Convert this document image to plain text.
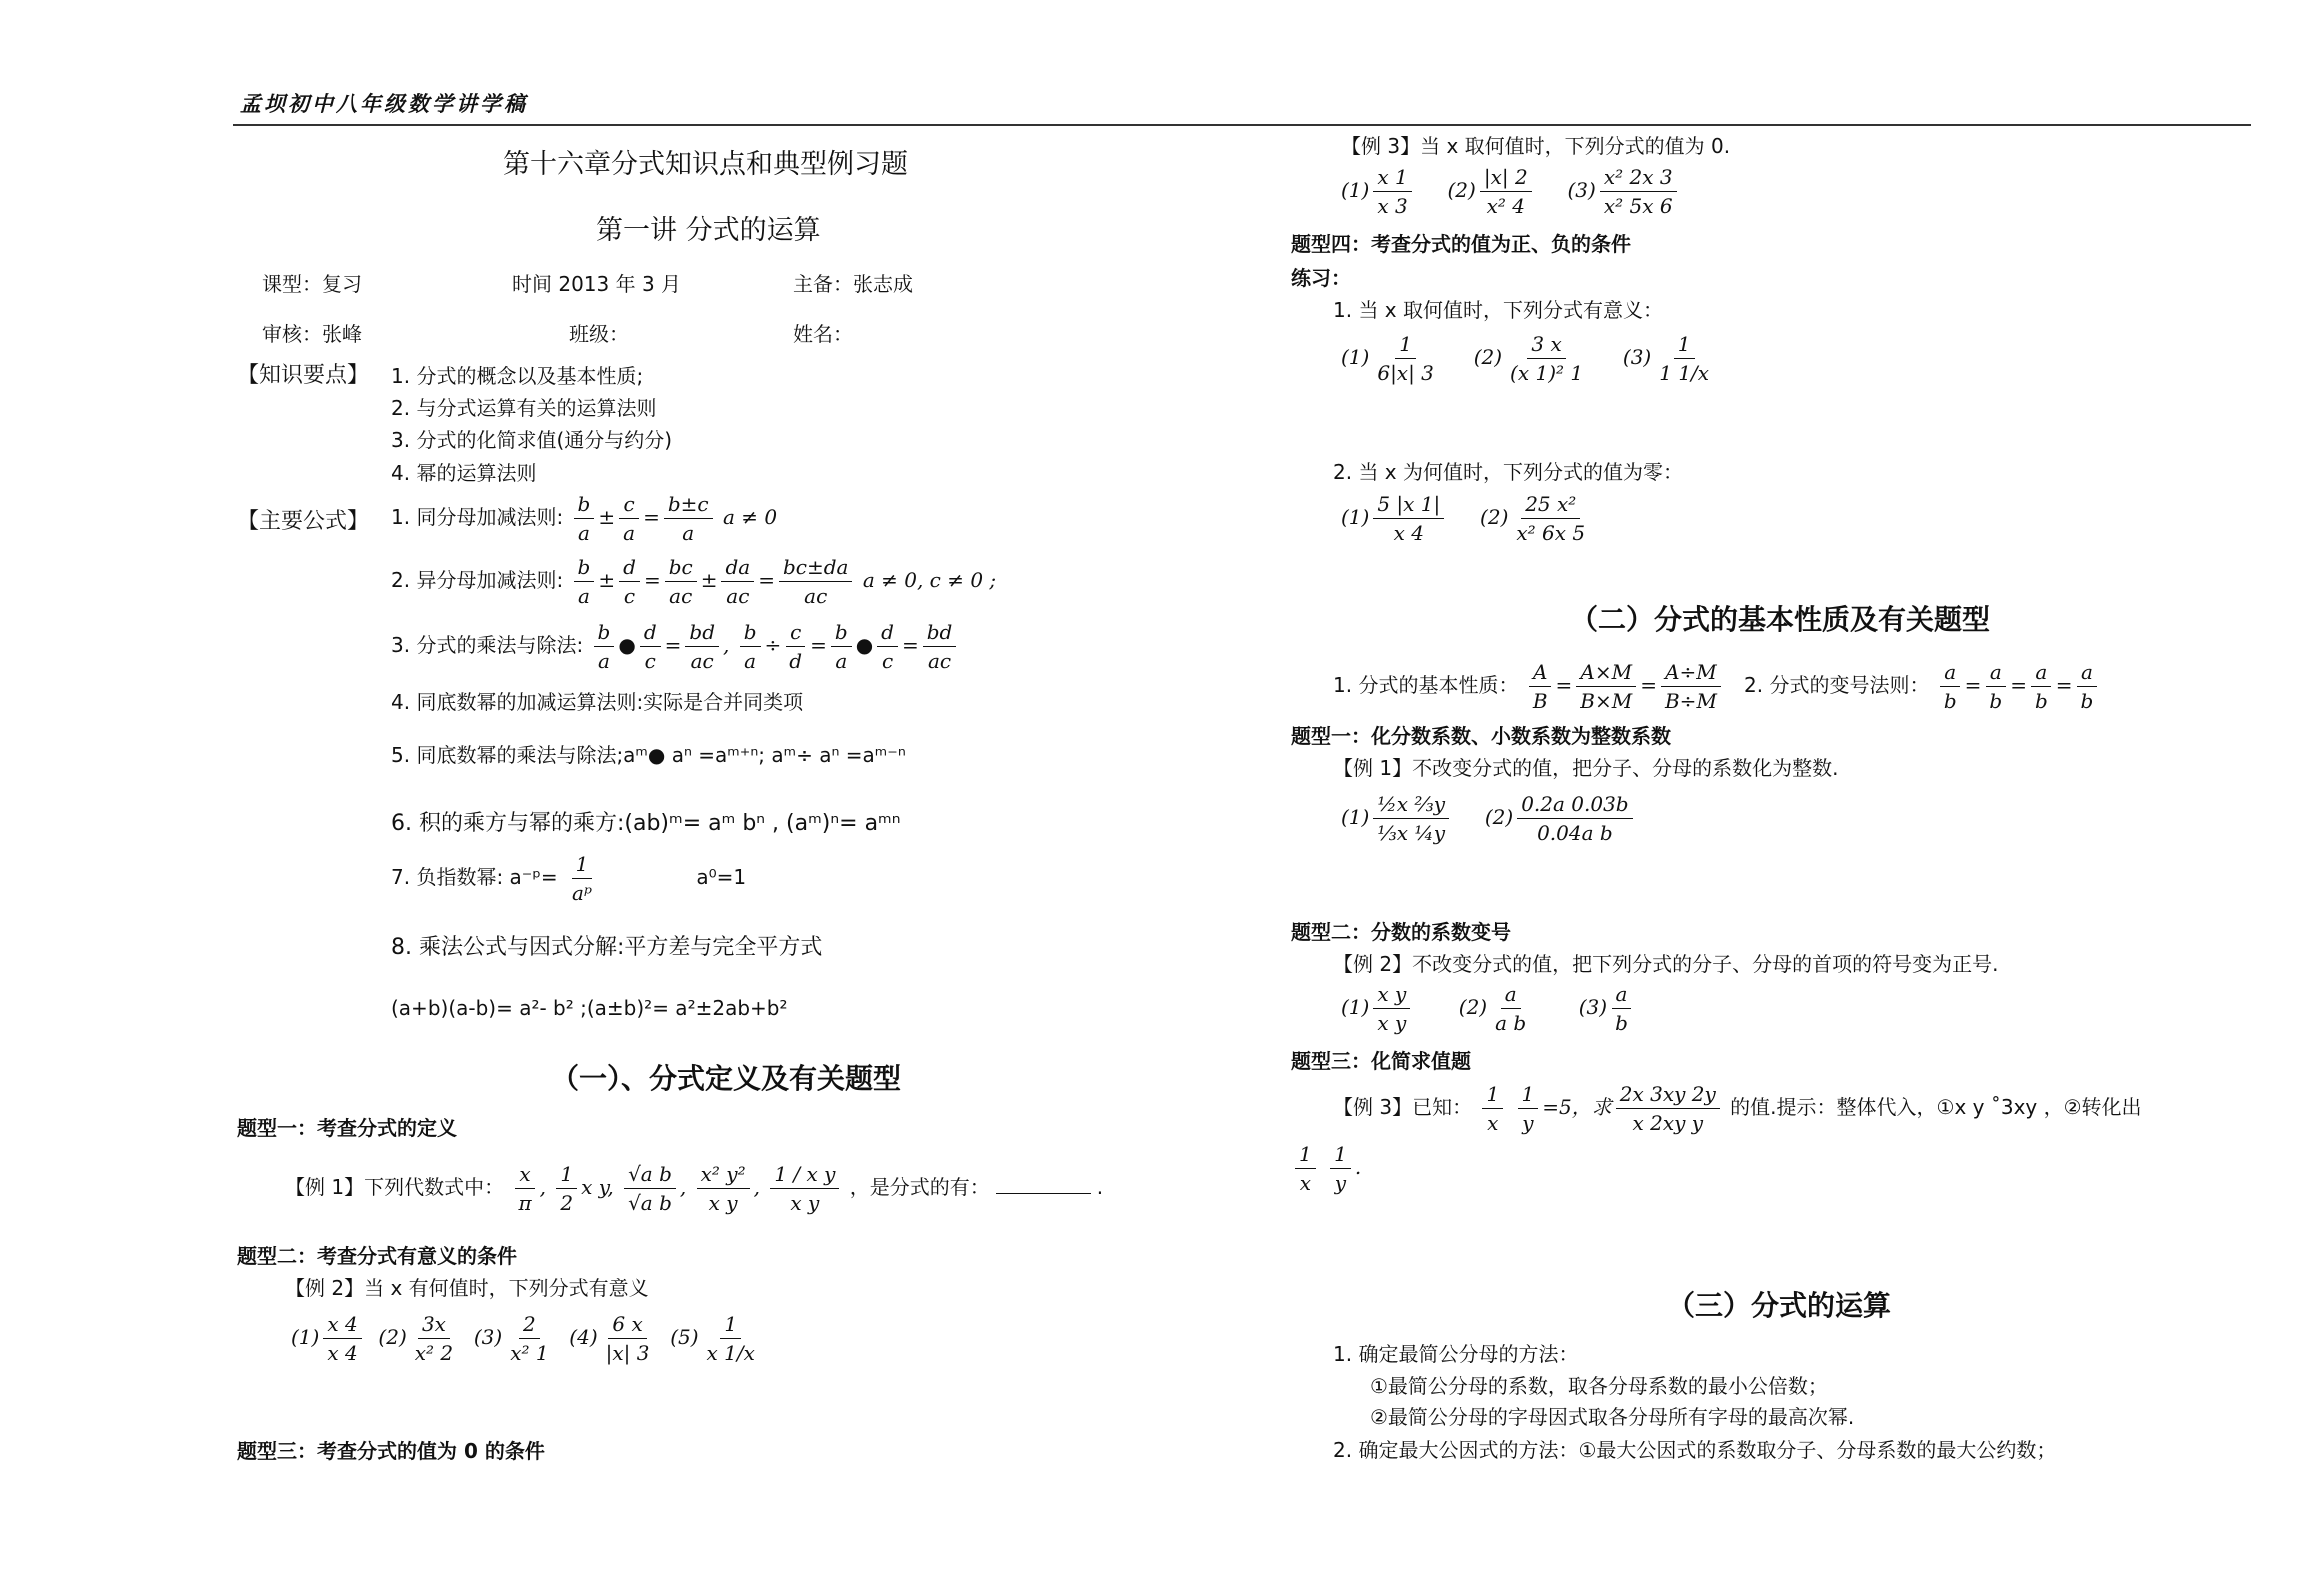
孟坝初中八年级数学讲学稿
第十六章分式知识点和典型例习题
第一讲 分式的运算
课型：复习	时间 2013 年 3 月	主备：张志成
审核：张峰	班级：	姓名：
【知识要点】 1. 分式的概念以及基本性质;
2. 与分式运算有关的运算法则
3. 分式的化简求值(通分与约分)
4. 幂的运算法则
【主要公式】 1. 同分母加减法则: $\frac{b}{a} \pm \frac{c}{a} = \frac{b\pm c}{a}$ a ≠ 0
2. 异分母加减法则: $\frac{b}{a} \pm \frac{d}{c} = \frac{bc}{ac} \pm \frac{da}{ac} = \frac{bc\pm da}{ac}$ a ≠ 0, c ≠ 0 ;
3. 分式的乘法与除法: $\frac{b}{a}$ ● $\frac{d}{c} = \frac{bd}{ac}$ , $\frac{b}{a} \div \frac{c}{d} = \frac{b}{a}$ ● $\frac{d}{c} = \frac{bd}{ac}$
4. 同底数幂的加减运算法则:实际是合并同类项
5. 同底数幂的乘法与除法;aᵐ● aⁿ =aᵐ⁺ⁿ; aᵐ÷ aⁿ =aᵐ⁻ⁿ
6. 积的乘方与幂的乘方:(ab)ᵐ= aᵐ bⁿ , (aᵐ)ⁿ= aᵐⁿ
7. 负指数幂: a⁻ᵖ= $\frac{1}{\text{aᵖ}}$	a⁰=1
8. 乘法公式与因式分解:平方差与完全平方式
(a+b)(a-b)= a²- b² ;(a±b)²= a²±2ab+b²
（一）、分式定义及有关题型
题型一：考查分式的定义
【例 1】下列代数式中： $\frac{x}{\pi}$ , $\frac{1}{2}$ x y, $\frac{\text{√a b}}{\text{√a b}}$ , $\frac{\text{x² y²}}{\text{x y}}$ , $\frac{\text{1 / x y}}{\text{x y}}$ ，是分式的有：	.
题型二：考查分式有意义的条件
【例 2】当 x 有何值时，下列分式有意义
$(1) \frac{x 4}{x 4} (2) \frac{3x}{\text{x² 2}} (3) \frac{2}{\text{x² 1}} (4) \frac{6 x}{|x| 3} (5) \frac{1}{x 1/x}$
题型三：考查分式的值为 0 的条件
【例 3】当 x 取何值时，下列分式的值为 0.
$(1) \frac{x 1}{x 3} (2) \frac{|x| 2}{\text{x² 4}} (3) \frac{\text{x² 2x 3}}{\text{x² 5x 6}}$
题型四：考查分式的值为正、负的条件
练习：
1. 当 x 取何值时，下列分式有意义：
$(1) \frac{1}{6|x| 3} (2) \frac{3 x}{\text{(x 1)² 1}} (3) \frac{1}{1 1/x}$
2. 当 x 为何值时，下列分式的值为零：
$(1) \frac{5 |x 1|}{x 4} (2) \frac{\text{25 x²}}{\text{x² 6x 5}}$
（二）分式的基本性质及有关题型
1. 分式的基本性质： $\frac{A}{B} = \frac{A\times M}{B\times M} = \frac{A\div M}{B\div M} 2$. 分式的变号法则： $\frac{a}{b} = \frac{a}{b} = \frac{a}{b} = \frac{a}{b}$
题型一：化分数系数、小数系数为整数系数
【例 1】不改变分式的值，把分子、分母的系数化为整数.
$(1) \frac{\text{½x ⅔y}}{\text{⅓x ¼y}} (2) \frac{0.2a 0.03b}{\text{0.04a b}}$
题型二：分数的系数变号
【例 2】不改变分式的值，把下列分式的分子、分母的首项的符号变为正号.
$(1) \frac{\text{x y}}{\text{x y}} (2) \frac{a}{\text{a b}} (3) \frac{a}{b}$
题型三：化简求值题
【例 3】已知： $\frac{1}{x}$
$\frac{1}{y} =5$，求 $\frac{2x 3xy 2y}{\text{x 2xy y}}$ 的值.提示：整体代入，①x y ˚3xy ，②转化出
$\frac{1}{x}$
$\frac{1}{y}$ .
（三）分式的运算
1. 确定最简公分母的方法：
①最简公分母的系数，取各分母系数的最小公倍数；
②最简公分母的字母因式取各分母所有字母的最高次幂.
2. 确定最大公因式的方法：①最大公因式的系数取分子、分母系数的最大公约数；
